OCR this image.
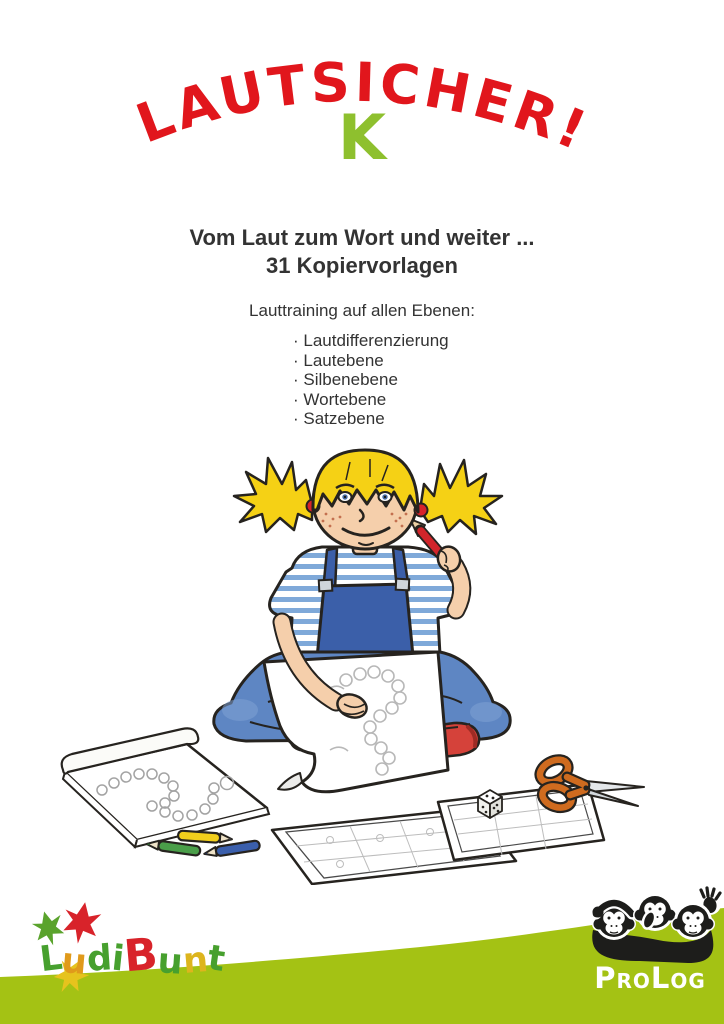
LAUTSICHER!
K
Vom Laut zum Wort und weiter ...
31 Kopiervorlagen
Lauttraining auf allen Ebenen:
· Lautdifferenzierung
· Lautebene
· Silbenebene
· Wortebene
· Satzebene
ProLog
LudiBunt
